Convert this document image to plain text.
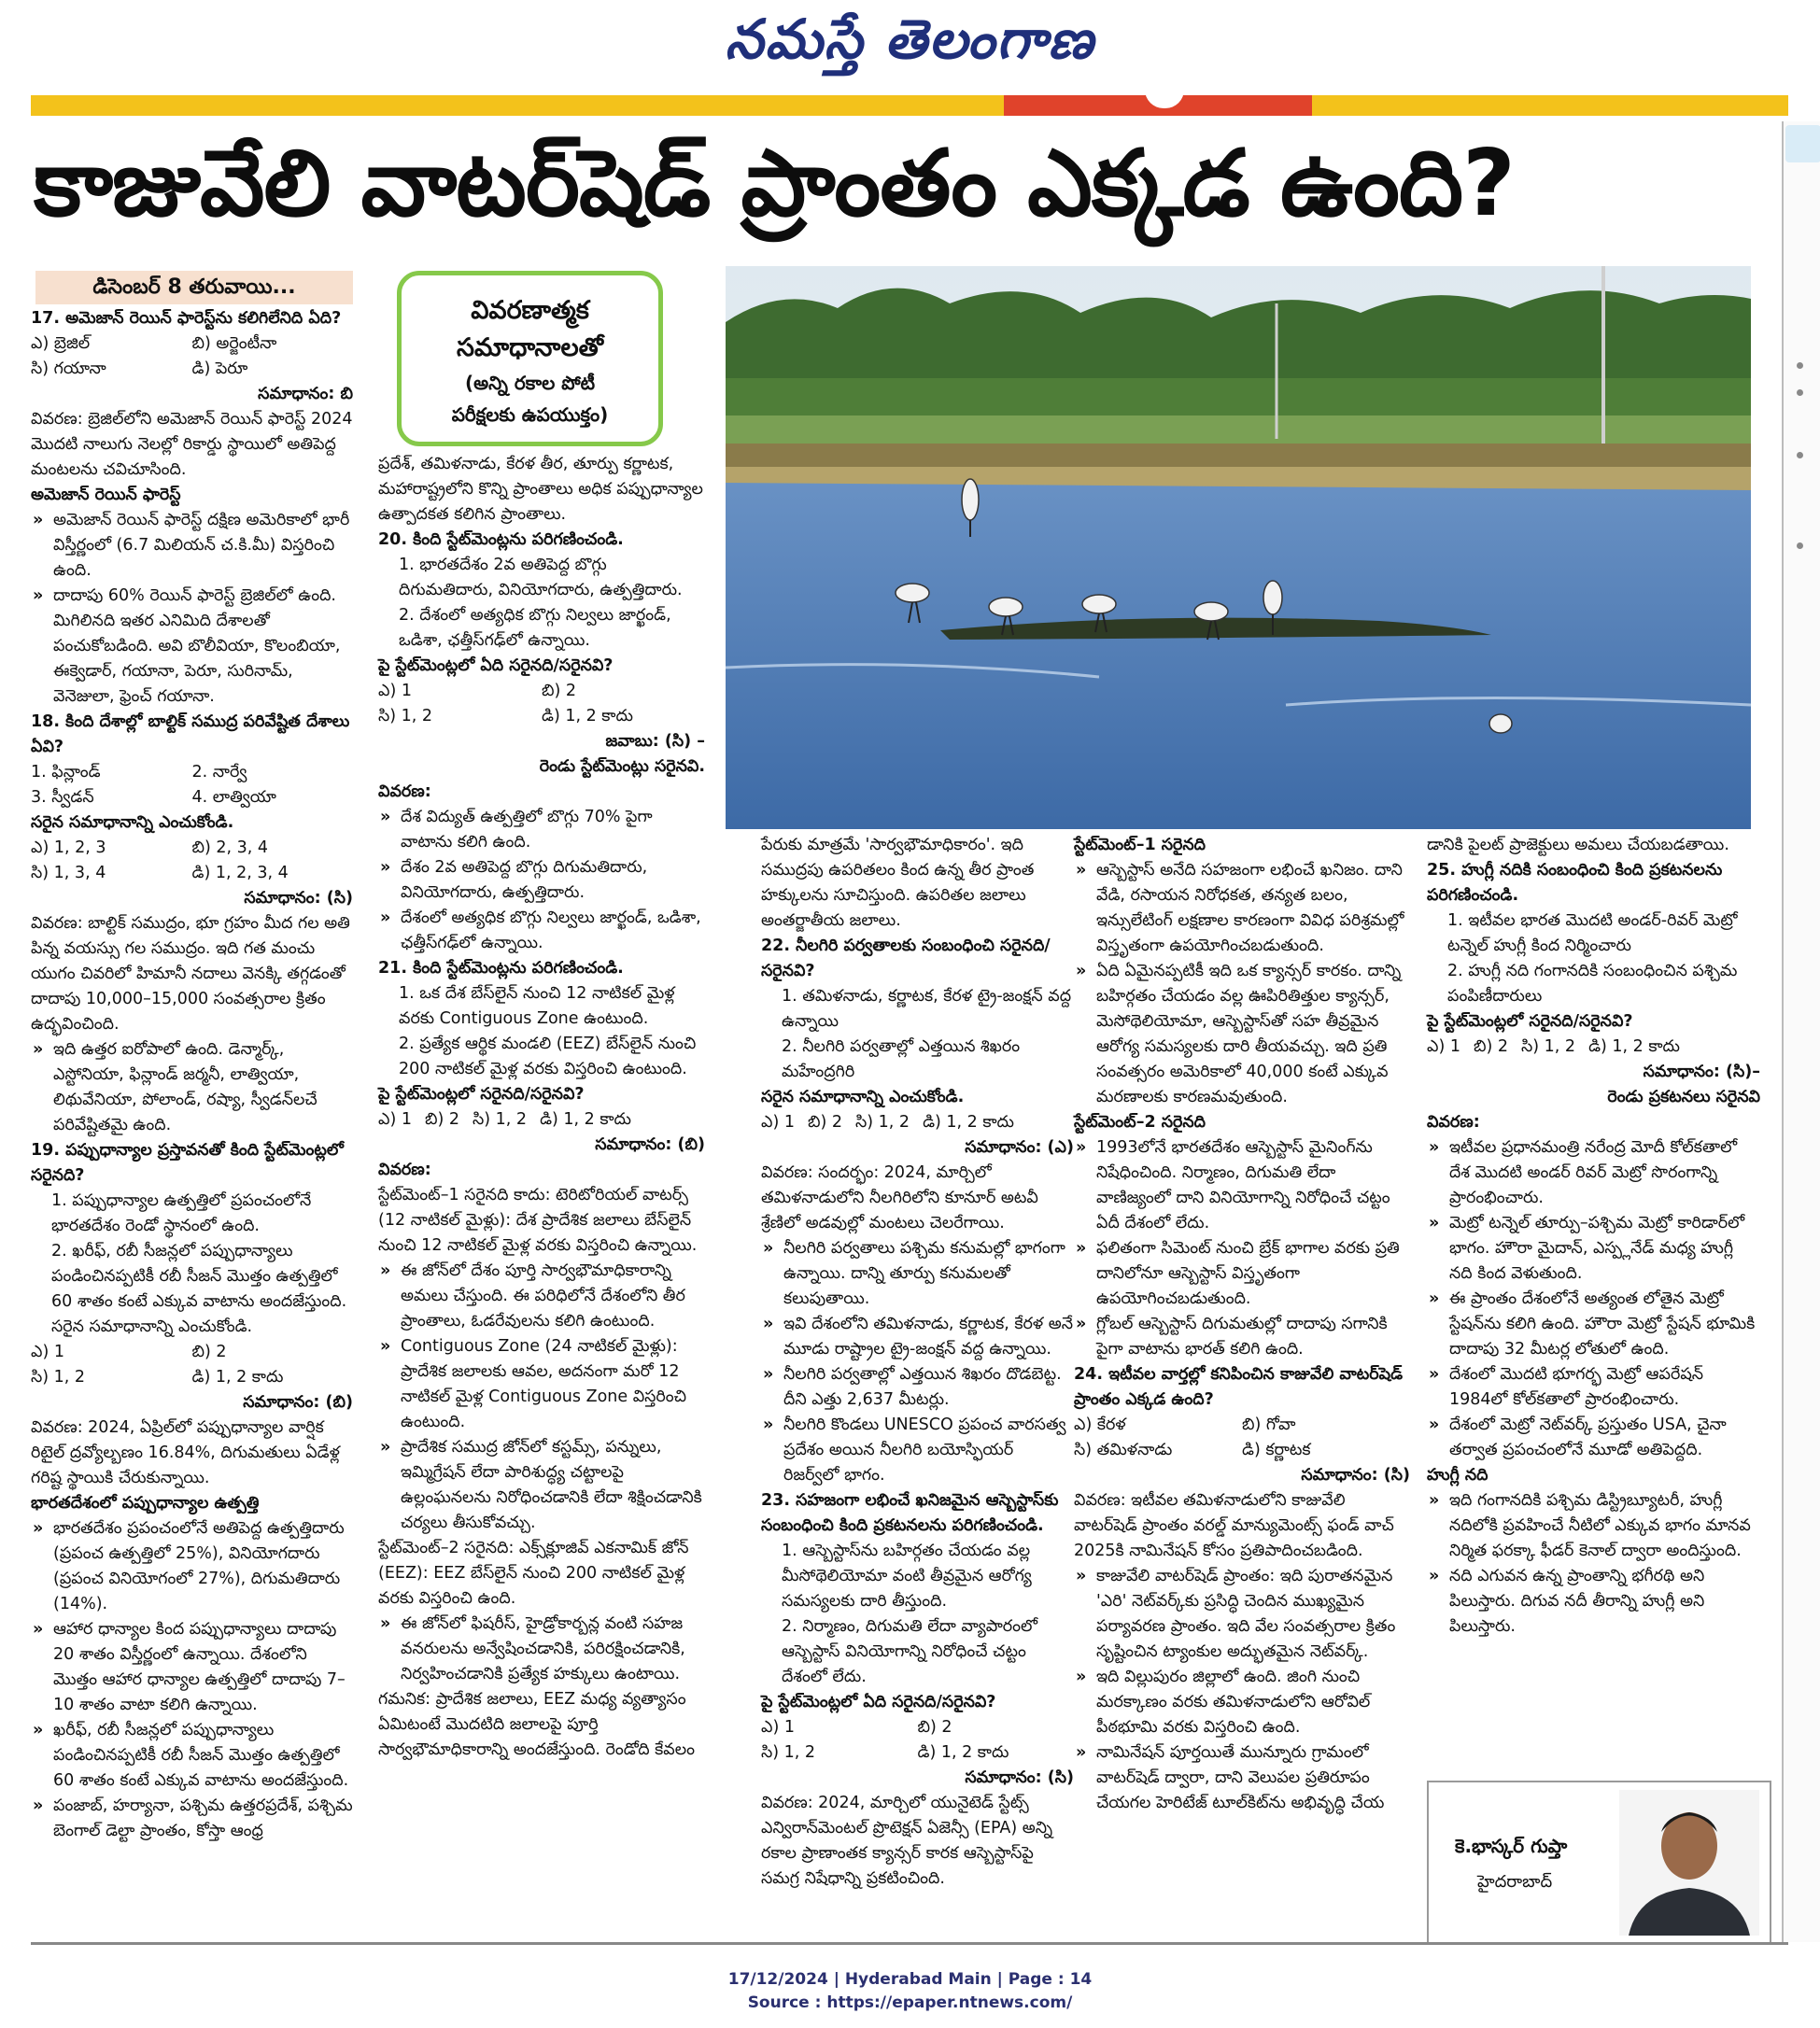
నమస్తే తెలంగాణ
కాజువేలి వాటర్‌షెడ్ ప్రాంతం ఎక్కడ ఉంది?
డిసెంబర్ 8 తరువాయి...
వివరణాత్మక
సమాధానాలతో
(అన్ని రకాల పోటీ
పరీక్షలకు ఉపయుక్తం)

17. అమెజాన్ రెయిన్ ఫారెస్ట్‌ను కలిగిలేనిది ఏది?

ఎ) బ్రెజిల్	బి) అర్జెంటీనా
సి) గయానా	డి) పెరూ

సమాధానం: బి

వివరణ: బ్రెజిల్‌లోని అమెజాన్ రెయిన్ ఫారెస్ట్ 2024 మొదటి నాలుగు నెలల్లో రికార్డు స్థాయిలో అతిపెద్ద మంటలను చవిచూసింది.

అమెజాన్ రెయిన్ ఫారెస్ట్

» అమెజాన్ రెయిన్ ఫారెస్ట్ దక్షిణ అమెరికాలో భారీ విస్తీర్ణంలో (6.7 మిలియన్ చ.కి.మీ) విస్తరించి ఉంది.

» దాదాపు 60% రెయిన్ ఫారెస్ట్ బ్రెజిల్‌లో ఉంది. మిగిలినది ఇతర ఎనిమిది దేశాలతో పంచుకోబడింది. అవి బొలీవియా, కొలంబియా, ఈక్వెడార్, గయానా, పెరూ, సురినామ్, వెనెజులా, ఫ్రెంచ్ గయానా.

18. కింది దేశాల్లో బాల్టిక్ సముద్ర పరివేష్టిత దేశాలు ఏవి?

1. ఫిన్లాండ్	2. నార్వే
3. స్వీడన్	4. లాత్వియా

సరైన సమాధానాన్ని ఎంచుకోండి.

ఎ) 1, 2, 3	బి) 2, 3, 4
సి) 1, 3, 4	డి) 1, 2, 3, 4

సమాధానం: (సి)

వివరణ: బాల్టిక్ సముద్రం, భూ గ్రహం మీద గల అతి పిన్న వయస్సు గల సముద్రం. ఇది గత మంచు యుగం చివరిలో హిమానీ నదాలు వెనక్కి తగ్గడంతో దాదాపు 10,000–15,000 సంవత్సరాల క్రితం ఉద్భవించింది.

» ఇది ఉత్తర ఐరోపాలో ఉంది. డెన్మార్క్, ఎస్టోనియా, ఫిన్లాండ్ జర్మనీ, లాత్వియా, లిథువేనియా, పోలాండ్, రష్యా, స్వీడన్‌లచే పరివేష్టితమై ఉంది.

19. పప్పుధాన్యాల ప్రస్తావనతో కింది స్టేట్‌మెంట్లలో సరైనది?

1. పప్పుధాన్యాల ఉత్పత్తిలో ప్రపంచంలోనే భారతదేశం రెండో స్థానంలో ఉంది.

2. ఖరీఫ్, రబీ సీజన్లలో పప్పుధాన్యాలు పండించినప్పటికీ రబీ సీజన్ మొత్తం ఉత్పత్తిలో 60 శాతం కంటే ఎక్కువ వాటాను అందజేస్తుంది.

సరైన సమాధానాన్ని ఎంచుకోండి.

ఎ) 1	బి) 2
సి) 1, 2	డి) 1, 2 కాదు

సమాధానం: (బి)

వివరణ: 2024, ఏప్రిల్‌లో పప్పుధాన్యాల వార్షిక రిటైల్ ద్రవ్యోల్బణం 16.84%, దిగుమతులు ఏడేళ్ల గరిష్ట స్థాయికి చేరుకున్నాయి.

భారతదేశంలో పప్పుధాన్యాల ఉత్పత్తి

» భారతదేశం ప్రపంచంలోనే అతిపెద్ద ఉత్పత్తిదారు (ప్రపంచ ఉత్పత్తిలో 25%), వినియోగదారు (ప్రపంచ వినియోగంలో 27%), దిగుమతిదారు (14%).

» ఆహార ధాన్యాల కింద పప్పుధాన్యాలు దాదాపు 20 శాతం విస్తీర్ణంలో ఉన్నాయి. దేశంలోని మొత్తం ఆహార ధాన్యాల ఉత్పత్తిలో దాదాపు 7–10 శాతం వాటా కలిగి ఉన్నాయి.

» ఖరీఫ్, రబీ సీజన్లలో పప్పుధాన్యాలు పండించినప్పటికీ రబీ సీజన్ మొత్తం ఉత్పత్తిలో 60 శాతం కంటే ఎక్కువ వాటాను అందజేస్తుంది.

» పంజాబ్, హర్యానా, పశ్చిమ ఉత్తరప్రదేశ్, పశ్చిమ బెంగాల్ డెల్టా ప్రాంతం, కోస్తా ఆంధ్ర

ప్రదేశ్, తమిళనాడు, కేరళ తీర, తూర్పు కర్ణాటక, మహారాష్ట్రలోని కొన్ని ప్రాంతాలు అధిక పప్పుధాన్యాల ఉత్పాదకత కలిగిన ప్రాంతాలు.

20. కింది స్టేట్‌మెంట్లను పరిగణించండి.

1. భారతదేశం 2వ అతిపెద్ద బొగ్గు దిగుమతిదారు, వినియోగదారు, ఉత్పత్తిదారు.

2. దేశంలో అత్యధిక బొగ్గు నిల్వలు జార్ఖండ్, ఒడిశా, ఛత్తీస్‌గఢ్‌లో ఉన్నాయి.

పై స్టేట్‌మెంట్లలో ఏది సరైనది/సరైనవి?

ఎ) 1	బి) 2
సి) 1, 2	డి) 1, 2 కాదు

జవాబు: (సి) –

రెండు స్టేట్‌మెంట్లు సరైనవి.

వివరణ:

» దేశ విద్యుత్ ఉత్పత్తిలో బొగ్గు 70% పైగా వాటాను కలిగి ఉంది.

» దేశం 2వ అతిపెద్ద బొగ్గు దిగుమతిదారు, వినియోగదారు, ఉత్పత్తిదారు.

» దేశంలో అత్యధిక బొగ్గు నిల్వలు జార్ఖండ్, ఒడిశా, ఛత్తీస్‌గఢ్‌లో ఉన్నాయి.

21. కింది స్టేట్‌మెంట్లను పరిగణించండి.

1. ఒక దేశ బేస్‌లైన్ నుంచి 12 నాటికల్ మైళ్ల వరకు Contiguous Zone ఉంటుంది.

2. ప్రత్యేక ఆర్థిక మండలి (EEZ) బేస్‌లైన్ నుంచి 200 నాటికల్ మైళ్ల వరకు విస్తరించి ఉంటుంది.

పై స్టేట్‌మెంట్లలో సరైనది/సరైనవి?

ఎ) 1 బి) 2 సి) 1, 2 డి) 1, 2 కాదు

సమాధానం: (బి)

వివరణ:

స్టేట్‌మెంట్–1 సరైనది కాదు: టెరిటోరియల్ వాటర్స్ (12 నాటికల్ మైళ్లు): దేశ ప్రాదేశిక జలాలు బేస్‌లైన్ నుంచి 12 నాటికల్ మైళ్ల వరకు విస్తరించి ఉన్నాయి.

» ఈ జోన్‌లో దేశం పూర్తి సార్వభౌమాధికారాన్ని అమలు చేస్తుంది. ఈ పరిధిలోనే దేశంలోని తీర ప్రాంతాలు, ఓడరేవులను కలిగి ఉంటుంది.

» Contiguous Zone (24 నాటికల్ మైళ్లు): ప్రాదేశిక జలాలకు ఆవల, అదనంగా మరో 12 నాటికల్ మైళ్ల Contiguous Zone విస్తరించి ఉంటుంది.

» ప్రాదేశిక సముద్ర జోన్‌లో కస్టమ్స్, పన్నులు, ఇమ్మిగ్రేషన్ లేదా పారిశుద్ధ్య చట్టాలపై ఉల్లంఘనలను నిరోధించడానికి లేదా శిక్షించడానికి చర్యలు తీసుకోవచ్చు.

స్టేట్‌మెంట్–2 సరైనది: ఎక్స్‌క్లూజివ్ ఎకనామిక్ జోన్ (EEZ): EEZ బేస్‌లైన్ నుంచి 200 నాటికల్ మైళ్ల వరకు విస్తరించి ఉంది.

» ఈ జోన్‌లో ఫిషరీస్, హైడ్రోకార్బన్ల వంటి సహజ వనరులను అన్వేషించడానికి, పరిరక్షించడానికి, నిర్వహించడానికి ప్రత్యేక హక్కులు ఉంటాయి.

గమనిక: ప్రాదేశిక జలాలు, EEZ మధ్య వ్యత్యాసం ఏమిటంటే మొదటిది జలాలపై పూర్తి సార్వభౌమాధికారాన్ని అందజేస్తుంది. రెండోది కేవలం

పేరుకు మాత్రమే 'సార్వభౌమాధికారం'. ఇది సముద్రపు ఉపరితలం కింద ఉన్న తీర ప్రాంత హక్కులను సూచిస్తుంది. ఉపరితల జలాలు అంతర్జాతీయ జలాలు.

22. నీలగిరి పర్వతాలకు సంబంధించి సరైనది/సరైనవి?

1. తమిళనాడు, కర్ణాటక, కేరళ ట్రై-జంక్షన్ వద్ద ఉన్నాయి

2. నీలగిరి పర్వతాల్లో ఎత్తయిన శిఖరం మహేంద్రగిరి

సరైన సమాధానాన్ని ఎంచుకోండి.

ఎ) 1 బి) 2 సి) 1, 2 డి) 1, 2 కాదు

సమాధానం: (ఎ)

వివరణ: సందర్భం: 2024, మార్చిలో తమిళనాడులోని నీలగిరిలోని కూనూర్ అటవీ శ్రేణిలో అడవుల్లో మంటలు చెలరేగాయి.

» నీలగిరి పర్వతాలు పశ్చిమ కనుమల్లో భాగంగా ఉన్నాయి. దాన్ని తూర్పు కనుమలతో కలుపుతాయి.

» ఇవి దేశంలోని తమిళనాడు, కర్ణాటక, కేరళ అనే మూడు రాష్ట్రాల ట్రై-జంక్షన్ వద్ద ఉన్నాయి.

» నీలగిరి పర్వతాల్లో ఎత్తయిన శిఖరం దొడబెట్ట. దీని ఎత్తు 2,637 మీటర్లు.

» నీలగిరి కొండలు UNESCO ప్రపంచ వారసత్వ ప్రదేశం అయిన నీలగిరి బయోస్ఫియర్ రిజర్వ్‌లో భాగం.

23. సహజంగా లభించే ఖనిజమైన ఆస్బెస్టాస్‌కు సంబంధించి కింది ప్రకటనలను పరిగణించండి.

1. ఆస్బెస్టాస్‌ను బహిర్గతం చేయడం వల్ల మీసోథెలియోమా వంటి తీవ్రమైన ఆరోగ్య సమస్యలకు దారి తీస్తుంది.

2. నిర్మాణం, దిగుమతి లేదా వ్యాపారంలో ఆస్బెస్టాస్ వినియోగాన్ని నిరోధించే చట్టం దేశంలో లేదు.

పై స్టేట్‌మెంట్లలో ఏది సరైనది/సరైనవి?

ఎ) 1	బి) 2
సి) 1, 2	డి) 1, 2 కాదు

సమాధానం: (సి)

వివరణ: 2024, మార్చిలో యునైటెడ్ స్టేట్స్ ఎన్విరాన్‌మెంటల్ ప్రొటెక్షన్ ఏజెన్సీ (EPA) అన్ని రకాల ప్రాణాంతక క్యాన్సర్ కారక ఆస్బెస్టాస్‌పై సమగ్ర నిషేధాన్ని ప్రకటించింది.

స్టేట్‌మెంట్–1 సరైనది

» ఆస్బెస్టాస్ అనేది సహజంగా లభించే ఖనిజం. దాని వేడి, రసాయన నిరోధకత, తన్యత బలం, ఇన్సులేటింగ్ లక్షణాల కారణంగా వివిధ పరిశ్రమల్లో విస్తృతంగా ఉపయోగించబడుతుంది.

» ఏది ఏమైనప్పటికీ ఇది ఒక క్యాన్సర్ కారకం. దాన్ని బహిర్గతం చేయడం వల్ల ఊపిరితిత్తుల క్యాన్సర్, మెసోథెలియోమా, ఆస్బెస్టాస్‌తో సహ తీవ్రమైన ఆరోగ్య సమస్యలకు దారి తీయవచ్చు. ఇది ప్రతి సంవత్సరం అమెరికాలో 40,000 కంటే ఎక్కువ మరణాలకు కారణమవుతుంది.

స్టేట్‌మెంట్–2 సరైనది

» 1993లోనే భారతదేశం ఆస్బెస్టాస్ మైనింగ్‌ను నిషేధించింది. నిర్మాణం, దిగుమతి లేదా వాణిజ్యంలో దాని వినియోగాన్ని నిరోధించే చట్టం ఏదీ దేశంలో లేదు.

» ఫలితంగా సిమెంట్ నుంచి బ్రేక్ భాగాల వరకు ప్రతి దానిలోనూ ఆస్బెస్టాస్ విస్తృతంగా ఉపయోగించబడుతుంది.

» గ్లోబల్ ఆస్బెస్టాస్ దిగుమతుల్లో దాదాపు సగానికి పైగా వాటాను భారత్ కలిగి ఉంది.

24. ఇటీవల వార్తల్లో కనిపించిన కాజువేలి వాటర్‌షెడ్ ప్రాంతం ఎక్కడ ఉంది?

ఎ) కేరళ	బి) గోవా
సి) తమిళనాడు	డి) కర్ణాటక

సమాధానం: (సి)

వివరణ: ఇటీవల తమిళనాడులోని కాజువేలి వాటర్‌షెడ్ ప్రాంతం వరల్డ్ మాన్యుమెంట్స్ ఫండ్ వాచ్ 2025కి నామినేషన్ కోసం ప్రతిపాదించబడింది.

» కాజువేలి వాటర్‌షెడ్ ప్రాంతం: ఇది పురాతనమైన 'ఎరి' నెట్‌వర్క్‌కు ప్రసిద్ధి చెందిన ముఖ్యమైన పర్యావరణ ప్రాంతం. ఇది వేల సంవత్సరాల క్రితం సృష్టించిన ట్యాంకుల అద్భుతమైన నెట్‌వర్క్.

» ఇది విల్లుపురం జిల్లాలో ఉంది. జింగి నుంచి మరక్కాణం వరకు తమిళనాడులోని ఆరోవిల్ పీఠభూమి వరకు విస్తరించి ఉంది.

» నామినేషన్ పూర్తయితే మున్నూరు గ్రామంలో వాటర్‌షెడ్ ద్వారా, దాని వెలుపల ప్రతిరూపం చేయగల హెరిటేజ్ టూల్‌కిట్‌ను అభివృద్ధి చేయ

డానికి పైలట్ ప్రాజెక్టులు అమలు చేయబడతాయి.

25. హుగ్లీ నదికి సంబంధించి కింది ప్రకటనలను పరిగణించండి.

1. ఇటీవల భారత మొదటి అండర్-రివర్ మెట్రో టన్నెల్ హుగ్లీ కింద నిర్మించారు

2. హుగ్లీ నది గంగానదికి సంబంధించిన పశ్చిమ పంపిణీదారులు

పై స్టేట్‌మెంట్లలో సరైనది/సరైనవి?

ఎ) 1 బి) 2 సి) 1, 2 డి) 1, 2 కాదు

సమాధానం: (సి)–

రెండు ప్రకటనలు సరైనవి

వివరణ:

» ఇటీవల ప్రధానమంత్రి నరేంద్ర మోదీ కోల్‌కతాలో దేశ మొదటి అండర్ రివర్ మెట్రో సొరంగాన్ని ప్రారంభించారు.

» మెట్రో టన్నెల్ తూర్పు–పశ్చిమ మెట్రో కారిడార్‌లో భాగం. హౌరా మైదాన్, ఎస్ప్లనేడ్ మధ్య హుగ్లీ నది కింద వెళుతుంది.

» ఈ ప్రాంతం దేశంలోనే అత్యంత లోతైన మెట్రో స్టేషన్‌ను కలిగి ఉంది. హౌరా మెట్రో స్టేషన్ భూమికి దాదాపు 32 మీటర్ల లోతులో ఉంది.

» దేశంలో మొదటి భూగర్భ మెట్రో ఆపరేషన్ 1984లో కోల్‌కతాలో ప్రారంభించారు.

» దేశంలో మెట్రో నెట్‌వర్క్ ప్రస్తుతం USA, చైనా తర్వాత ప్రపంచంలోనే మూడో అతిపెద్దది.

హుగ్లీ నది

» ఇది గంగానదికి పశ్చిమ డిస్ట్రిబ్యూటరీ, హుగ్లీ నదిలోకి ప్రవహించే నీటిలో ఎక్కువ భాగం మానవ నిర్మిత ఫరక్కా ఫీడర్ కెనాల్ ద్వారా అందిస్తుంది.

» నది ఎగువన ఉన్న ప్రాంతాన్ని భగీరథి అని పిలుస్తారు. దిగువ నదీ తీరాన్ని హుగ్లీ అని పిలుస్తారు.

కె.భాస్కర్ గుప్తా
హైదరాబాద్
17/12/2024 | Hyderabad Main | Page : 14
Source : https://epaper.ntnews.com/
